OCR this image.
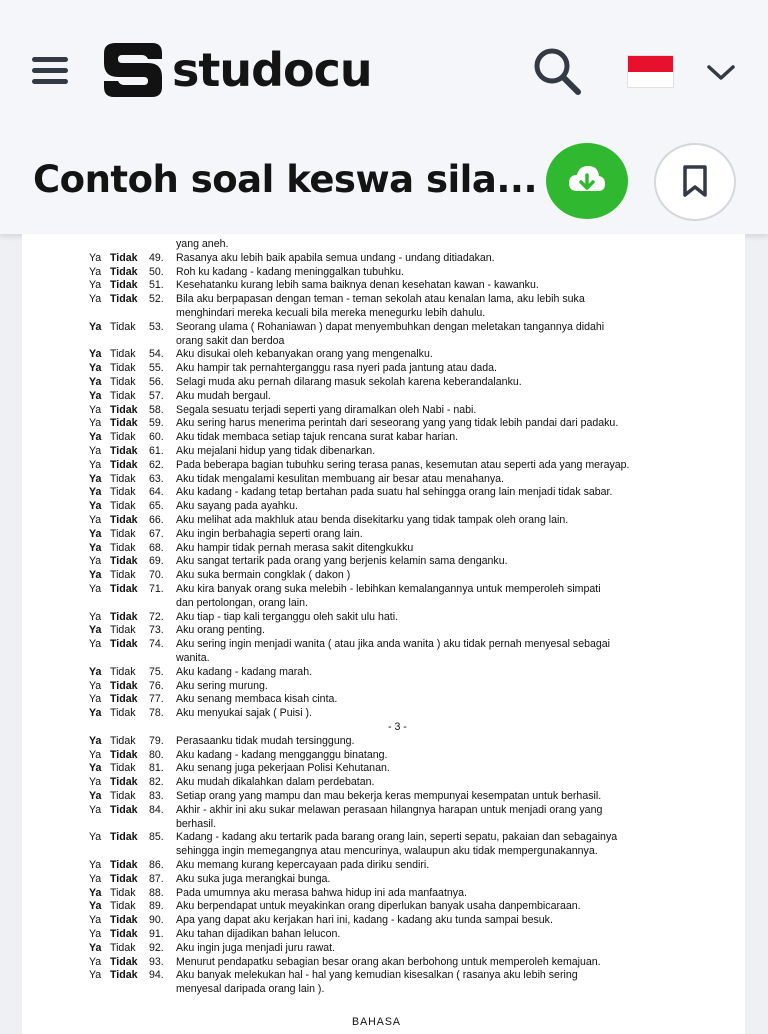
studocu
Contoh soal keswa sila...
BAHASA
yang aneh.
Ya Tidak 49. Rasanya aku lebih baik apabila semua undang - undang ditiadakan.
Ya Tidak 50. Roh ku kadang - kadang meninggalkan tubuhku.
Ya Tidak 51. Kesehatanku kurang lebih sama baiknya denan kesehatan kawan - kawanku.
Ya Tidak 52. Bila aku berpapasan dengan teman - teman sekolah atau kenalan lama, aku lebih suka
menghindari mereka kecuali bila mereka menegurku lebih dahulu.
Ya Tidak 53. Seorang ulama ( Rohaniawan ) dapat menyembuhkan dengan meletakan tangannya didahi
orang sakit dan berdoa
Ya Tidak 54. Aku disukai oleh kebanyakan orang yang mengenalku.
Ya Tidak 55. Aku hampir tak pernahterganggu rasa nyeri pada jantung atau dada.
Ya Tidak 56. Selagi muda aku pernah dilarang masuk sekolah karena keberandalanku.
Ya Tidak 57. Aku mudah bergaul.
Ya Tidak 58. Segala sesuatu terjadi seperti yang diramalkan oleh Nabi - nabi.
Ya Tidak 59. Aku sering harus menerima perintah dari seseorang yang yang tidak lebih pandai dari padaku.
Ya Tidak 60. Aku tidak membaca setiap tajuk rencana surat kabar harian.
Ya Tidak 61. Aku mejalani hidup yang tidak dibenarkan.
Ya Tidak 62. Pada beberapa bagian tubuhku sering terasa panas, kesemutan atau seperti ada yang merayap.
Ya Tidak 63. Aku tidak mengalami kesulitan membuang air besar atau menahanya.
Ya Tidak 64. Aku kadang - kadang tetap bertahan pada suatu hal sehingga orang lain menjadi tidak sabar.
Ya Tidak 65. Aku sayang pada ayahku.
Ya Tidak 66. Aku melihat ada makhluk atau benda disekitarku yang tidak tampak oleh orang lain.
Ya Tidak 67. Aku ingin berbahagia seperti orang lain.
Ya Tidak 68. Aku hampir tidak pernah merasa sakit ditengkukku
Ya Tidak 69. Aku sangat tertarik pada orang yang berjenis kelamin sama denganku.
Ya Tidak 70. Aku suka bermain congklak ( dakon )
Ya Tidak 71. Aku kira banyak orang suka melebih - lebihkan kemalangannya untuk memperoleh simpati
dan pertolongan, orang lain.
Ya Tidak 72. Aku tiap - tiap kali terganggu oleh sakit ulu hati.
Ya Tidak 73. Aku orang penting.
Ya Tidak 74. Aku sering ingin menjadi wanita ( atau jika anda wanita ) aku tidak pernah menyesal sebagai
wanita.
Ya Tidak 75. Aku kadang - kadang marah.
Ya Tidak 76. Aku sering murung.
Ya Tidak 77. Aku senang membaca kisah cinta.
Ya Tidak 78. Aku menyukai sajak ( Puisi ).
- 3 -
Ya Tidak 79. Perasaanku tidak mudah tersinggung.
Ya Tidak 80. Aku kadang - kadang mengganggu binatang.
Ya Tidak 81. Aku senang juga pekerjaan Polisi Kehutanan.
Ya Tidak 82. Aku mudah dikalahkan dalam perdebatan.
Ya Tidak 83. Setiap orang yang mampu dan mau bekerja keras mempunyai kesempatan untuk berhasil.
Ya Tidak 84. Akhir - akhir ini aku sukar melawan perasaan hilangnya harapan untuk menjadi orang yang
berhasil.
Ya Tidak 85. Kadang - kadang aku tertarik pada barang orang lain, seperti sepatu, pakaian dan sebagainya
sehingga ingin memegangnya atau mencurinya, walaupun aku tidak mempergunakannya.
Ya Tidak 86. Aku memang kurang kepercayaan pada diriku sendiri.
Ya Tidak 87. Aku suka juga merangkai bunga.
Ya Tidak 88. Pada umumnya aku merasa bahwa hidup ini ada manfaatnya.
Ya Tidak 89. Aku berpendapat untuk meyakinkan orang diperlukan banyak usaha danpembicaraan.
Ya Tidak 90. Apa yang dapat aku kerjakan hari ini, kadang - kadang aku tunda sampai besuk.
Ya Tidak 91. Aku tahan dijadikan bahan lelucon.
Ya Tidak 92. Aku ingin juga menjadi juru rawat.
Ya Tidak 93. Menurut pendapatku sebagian besar orang akan berbohong untuk memperoleh kemajuan.
Ya Tidak 94. Aku banyak melekukan hal - hal yang kemudian kisesalkan ( rasanya aku lebih sering
menyesal daripada orang lain ).
